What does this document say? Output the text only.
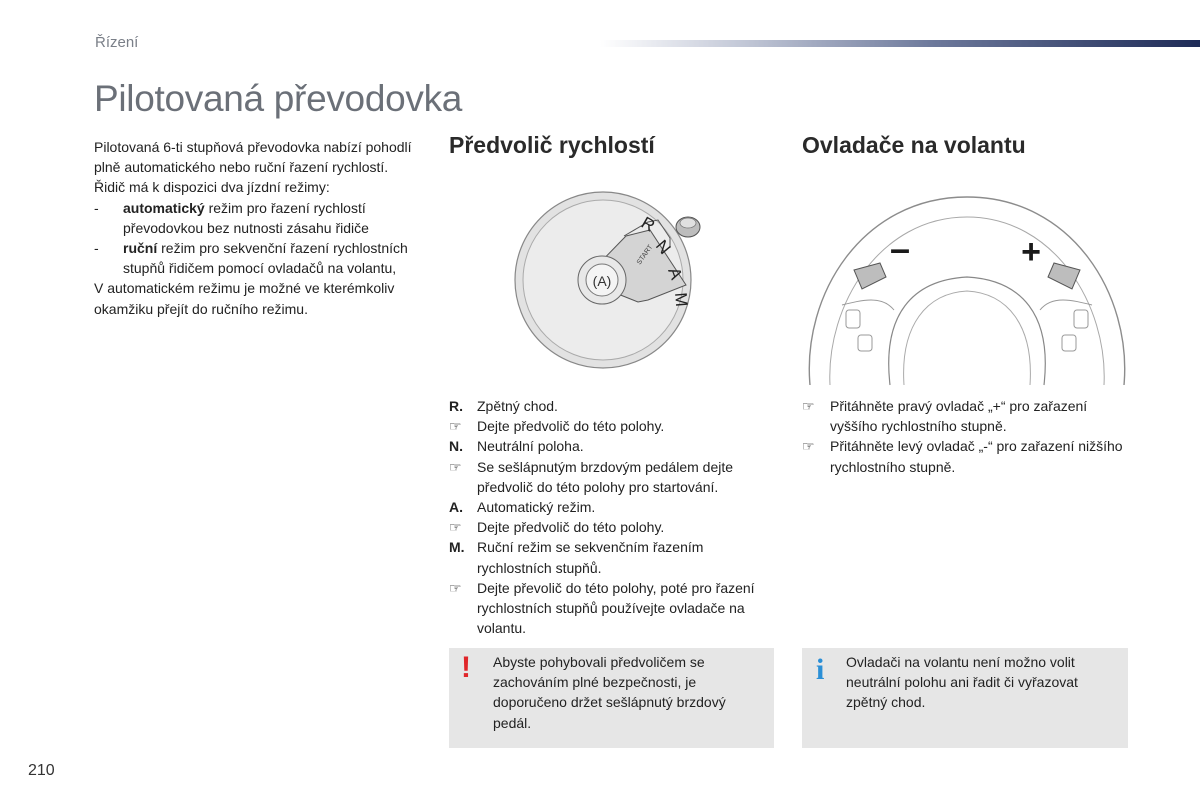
Řízení
Pilotovaná převodovka

Pilotovaná 6-ti stupňová převodovka nabízí pohodlí plně automatického nebo ruční řazení rychlostí.

Řidič má k dispozici dva jízdní režimy:

-	automatický režim pro řazení rychlostí převodovkou bez nutnosti zásahu řidiče
-	ruční režim pro sekvenční řazení rychlostních stupňů řidičem pomocí ovladačů na volantu,

V automatickém režimu je možné ve kterémkoliv okamžiku přejít do ručního režimu.

Předvolič rychlostí	Ovladače na volantu
(A)
START
R
N
A
M
–	+
R.	Zpětný chod.
☞	Dejte předvolič do této polohy.
N.	Neutrální poloha.
☞	Se sešlápnutým brzdovým pedálem dejte předvolič do této polohy pro startování.
A.	Automatický režim.
☞	Dejte předvolič do této polohy.
M. Ruční režim se sekvenčním řazením rychlostních stupňů.
☞	Dejte převolič do této polohy, poté pro řazení rychlostních stupňů používejte ovladače na volantu.
☞	Přitáhněte pravý ovladač „+“ pro zařazení vyššího rychlostního stupně.
☞	Přitáhněte levý ovladač „-“ pro zařazení nižšího rychlostního stupně.
! Abyste pohybovali předvoličem se zachováním plné bezpečnosti, je doporučeno držet sešlápnutý brzdový pedál.
i Ovladači na volantu není možno volit neutrální polohu ani řadit či vyřazovat zpětný chod.
210
